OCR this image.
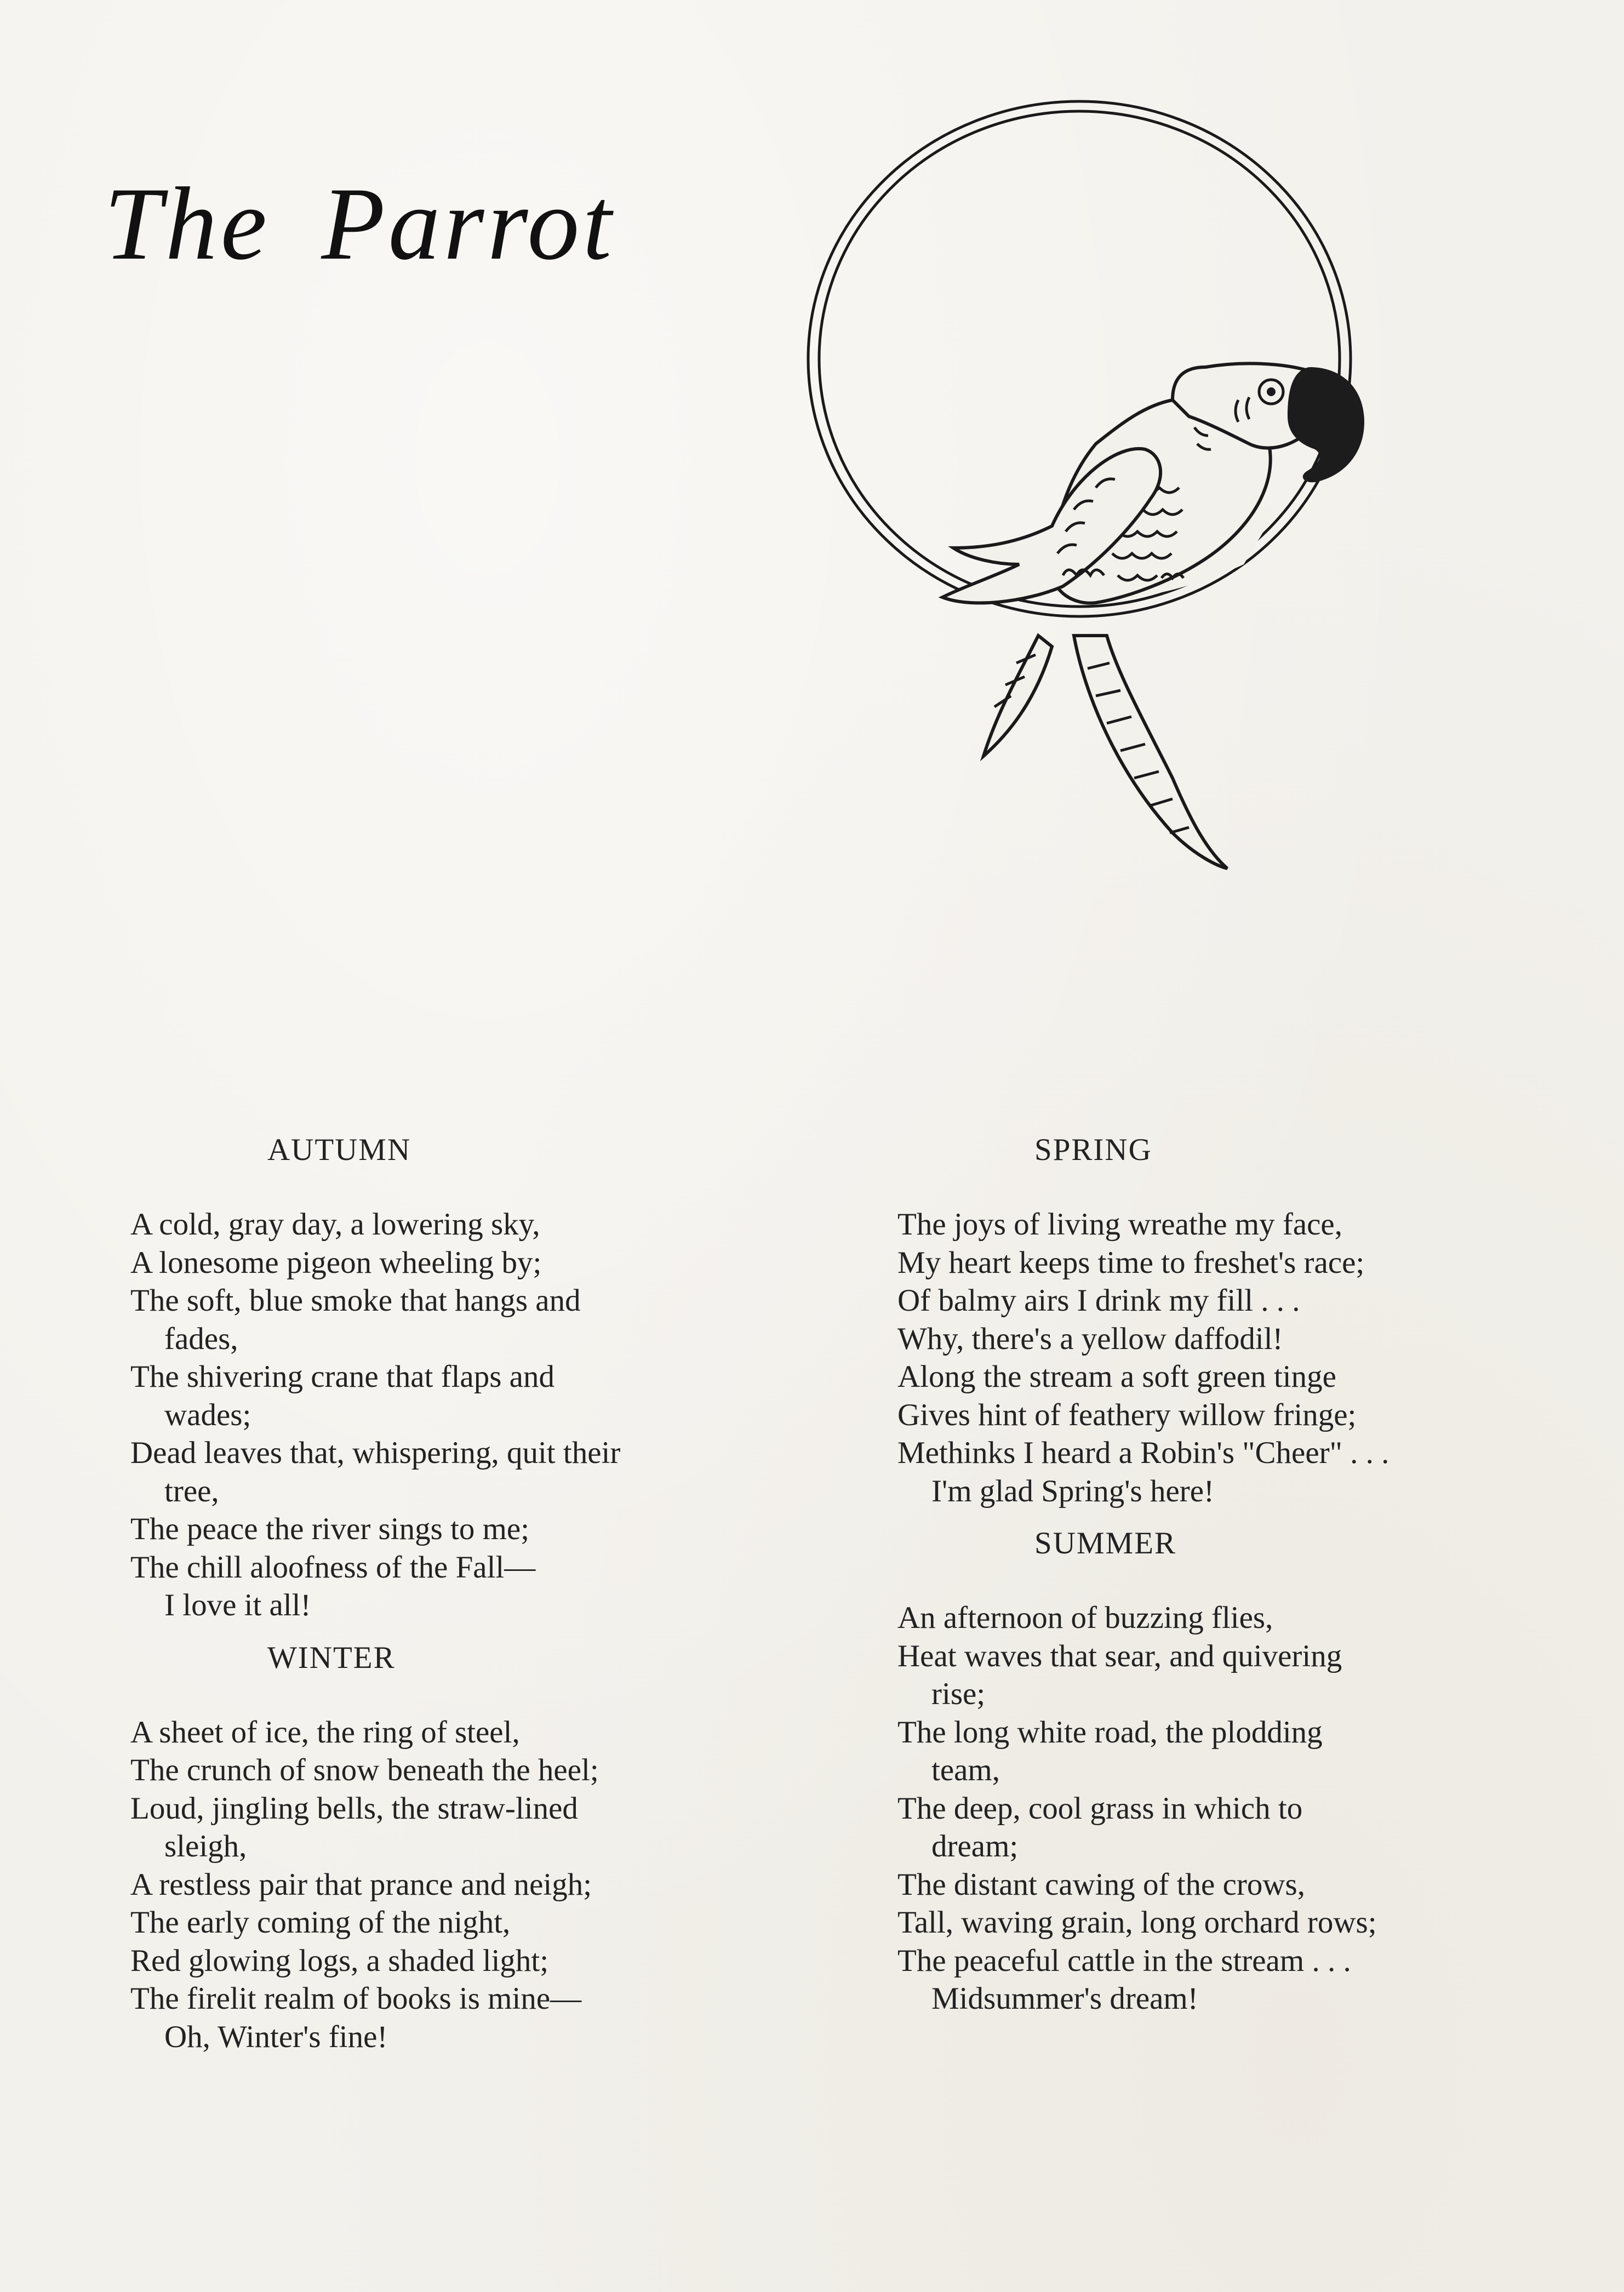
The Parrot
AUTUMN
A cold, gray day, a lowering sky,
A lonesome pigeon wheeling by;
The soft, blue smoke that hangs and
fades,
The shivering crane that flaps and
wades;
Dead leaves that, whispering, quit their
tree,
The peace the river sings to me;
The chill aloofness of the Fall—
I love it all!
WINTER
A sheet of ice, the ring of steel,
The crunch of snow beneath the heel;
Loud, jingling bells, the straw-lined
sleigh,
A restless pair that prance and neigh;
The early coming of the night,
Red glowing logs, a shaded light;
The firelit realm of books is mine—
Oh, Winter's fine!
SPRING
The joys of living wreathe my face,
My heart keeps time to freshet's race;
Of balmy airs I drink my fill . . .
Why, there's a yellow daffodil!
Along the stream a soft green tinge
Gives hint of feathery willow fringe;
Methinks I heard a Robin's "Cheer" . . .
I'm glad Spring's here!
SUMMER
An afternoon of buzzing flies,
Heat waves that sear, and quivering
rise;
The long white road, the plodding
team,
The deep, cool grass in which to
dream;
The distant cawing of the crows,
Tall, waving grain, long orchard rows;
The peaceful cattle in the stream . . .
Midsummer's dream!
